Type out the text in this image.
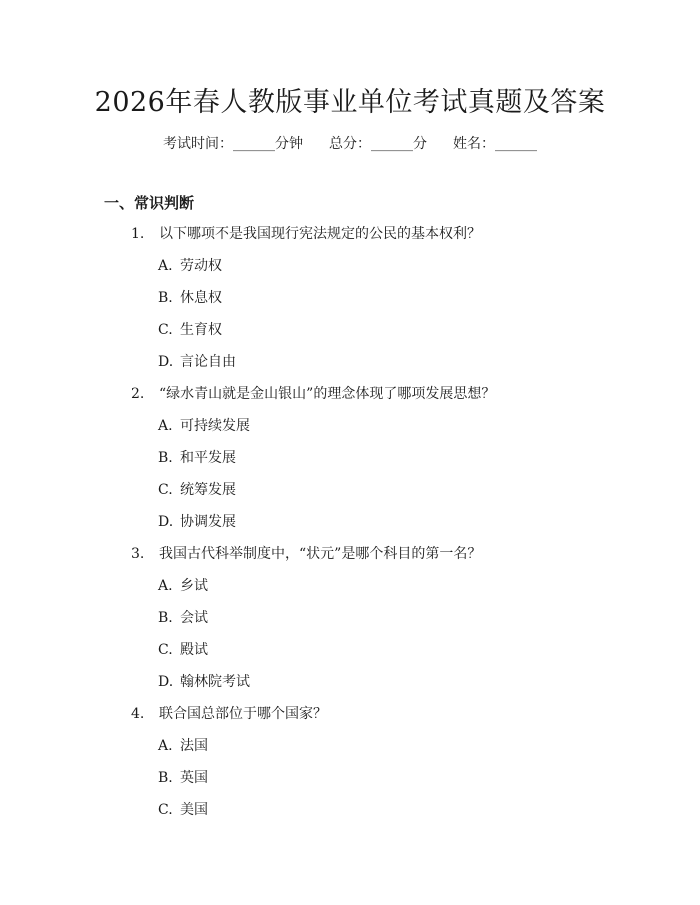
2026年春人教版事业单位考试真题及答案
考试时间：______分钟 总分：______分 姓名：______
一、常识判断
1. 以下哪项不是我国现行宪法规定的公民的基本权利？
A. 劳动权
B. 休息权
C. 生育权
D. 言论自由
2. “绿水青山就是金山银山”的理念体现了哪项发展思想？
A. 可持续发展
B. 和平发展
C. 统筹发展
D. 协调发展
3. 我国古代科举制度中，“状元”是哪个科目的第一名？
A. 乡试
B. 会试
C. 殿试
D. 翰林院考试
4. 联合国总部位于哪个国家？
A. 法国
B. 英国
C. 美国
